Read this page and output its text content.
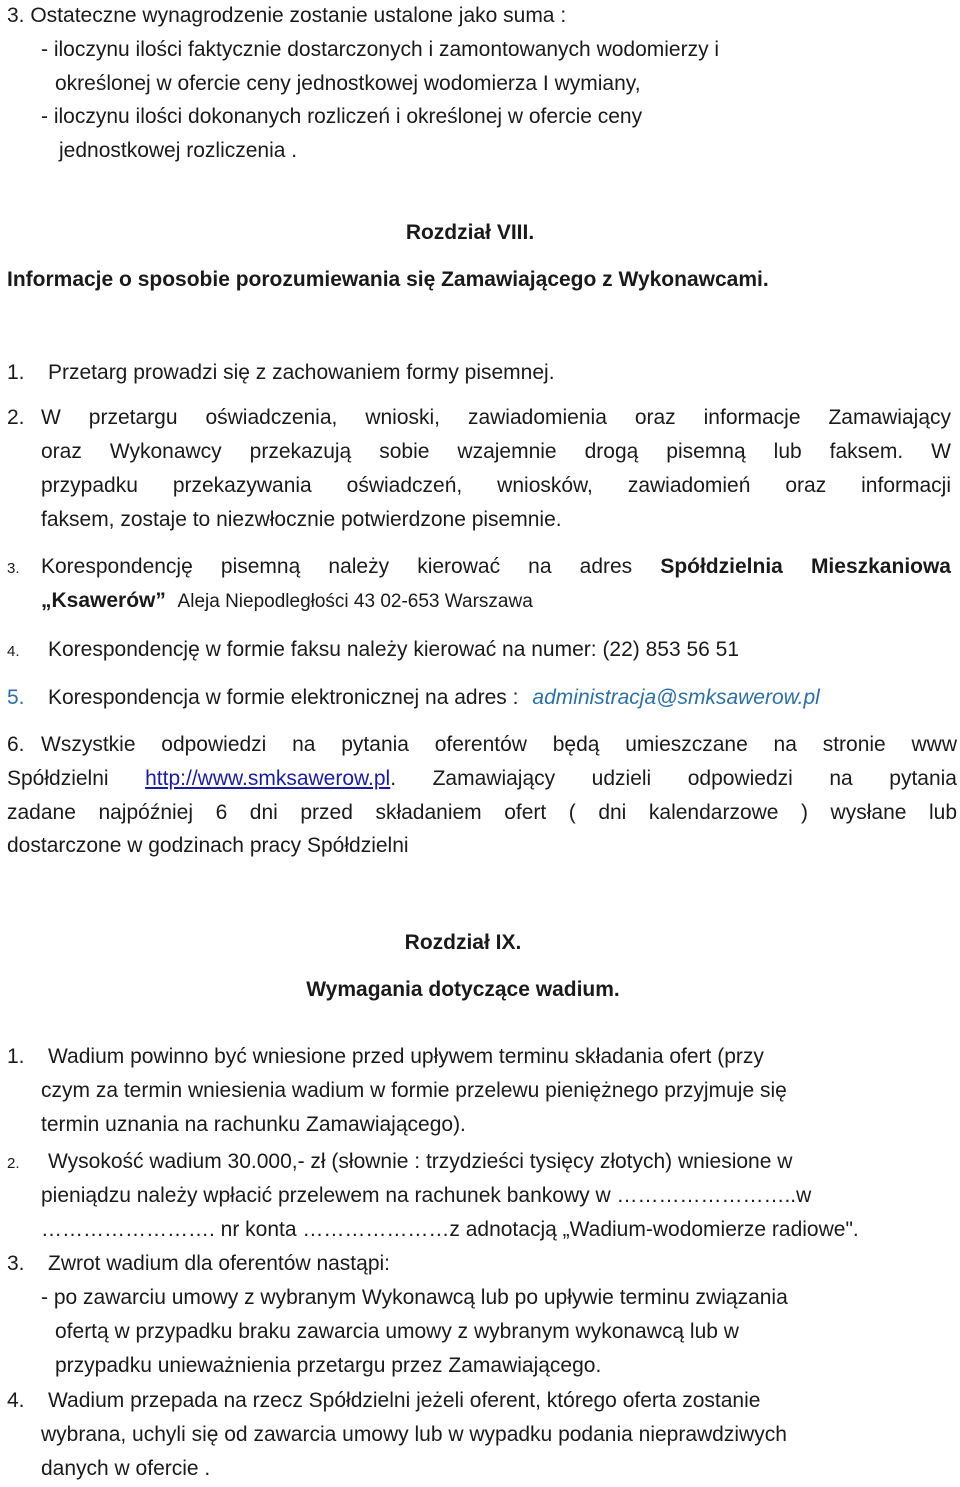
3. Ostateczne wynagrodzenie zostanie ustalone jako suma :
- iloczynu ilości faktycznie dostarczonych i zamontowanych wodomierzy i
określonej w ofercie ceny jednostkowej wodomierza I wymiany,
- iloczynu ilości dokonanych rozliczeń i określonej w ofercie ceny
jednostkowej rozliczenia .
Rozdział VIII.
Informacje o sposobie porozumiewania się Zamawiającego z Wykonawcami.
1. Przetarg prowadzi się z zachowaniem formy pisemnej.
2. W przetargu oświadczenia, wnioski, zawiadomienia oraz informacje Zamawiający
oraz Wykonawcy przekazują sobie wzajemnie drogą pisemną lub faksem. W
przypadku przekazywania oświadczeń, wniosków, zawiadomień oraz informacji
faksem, zostaje to niezwłocznie potwierdzone pisemnie.
3.	Korespondencję pisemną należy kierować na adres Spółdzielnia Mieszkaniowa
„Ksawerów” Aleja Niepodległości 43 02-653 Warszawa
4. Korespondencję w formie faksu należy kierować na numer: (22) 853 56 51
5. Korespondencja w formie elektronicznej na adres : administracja@smksawerow.pl
6. Wszystkie odpowiedzi na pytania oferentów będą umieszczane na stronie www
Spółdzielni http://www.smksawerow.pl. Zamawiający udzieli odpowiedzi na pytania
zadane najpóźniej 6 dni przed składaniem ofert ( dni kalendarzowe ) wysłane lub
dostarczone w godzinach pracy Spółdzielni
Rozdział IX.
Wymagania dotyczące wadium.
1. Wadium powinno być wniesione przed upływem terminu składania ofert (przy
czym za termin wniesienia wadium w formie przelewu pieniężnego przyjmuje się
termin uznania na rachunku Zamawiającego).
2. Wysokość wadium 30.000,- zł (słownie : trzydzieści tysięcy złotych) wniesione w
pieniądzu należy wpłacić przelewem na rachunek bankowy w ……………………..w
……………………. nr konta …………………z adnotacją „Wadium-wodomierze radiowe".
3. Zwrot wadium dla oferentów nastąpi:
- po zawarciu umowy z wybranym Wykonawcą lub po upływie terminu związania
ofertą w przypadku braku zawarcia umowy z wybranym wykonawcą lub w
przypadku unieważnienia przetargu przez Zamawiającego.
4. Wadium przepada na rzecz Spółdzielni jeżeli oferent, którego oferta zostanie
wybrana, uchyli się od zawarcia umowy lub w wypadku podania nieprawdziwych
danych w ofercie .
